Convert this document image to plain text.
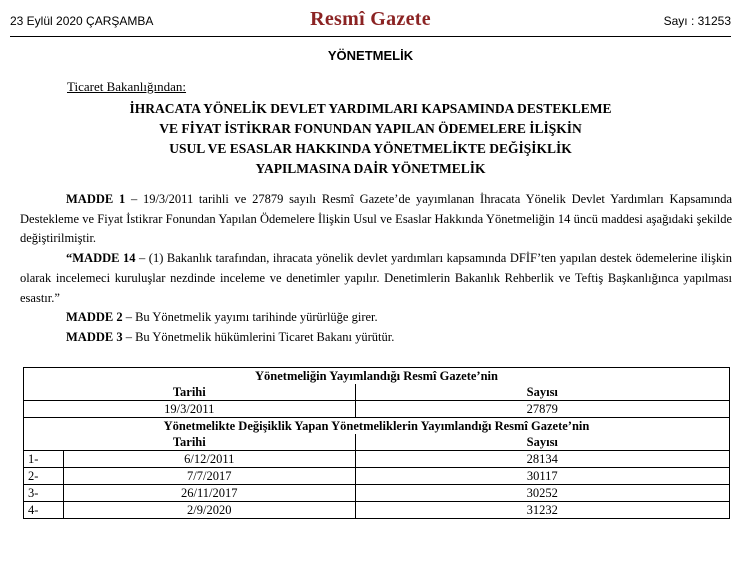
23 Eylül 2020 ÇARŞAMBA	Resmî Gazete	Sayı : 31253
YÖNETMELİK
Ticaret Bakanlığından:
İHRACATA YÖNELİK DEVLET YARDIMLARI KAPSAMINDA DESTEKLEME
VE FİYAT İSTİKRAR FONUNDAN YAPILAN ÖDEMELERE İLİŞKİN
USUL VE ESASLAR HAKKINDA YÖNETMELİKTE DEĞİŞİKLİK
YAPILMASINA DAİR YÖNETMELİK

MADDE 1 – 19/3/2011 tarihli ve 27879 sayılı Resmî Gazete’de yayımlanan İhracata Yönelik Devlet Yardımları Kapsamında Destekleme ve Fiyat İstikrar Fonundan Yapılan Ödemelere İlişkin Usul ve Esaslar Hakkında Yönetmeliğin 14 üncü maddesi aşağıdaki şekilde değiştirilmiştir.

“MADDE 14 – (1) Bakanlık tarafından, ihracata yönelik devlet yardımları kapsamında DFİF’ten yapılan destek ödemelerine ilişkin olarak incelemeci kuruluşlar nezdinde inceleme ve denetimler yapılır. Denetimlerin Bakanlık Rehberlik ve Teftiş Başkanlığınca yapılması esastır.”

MADDE 2 – Bu Yönetmelik yayımı tarihinde yürürlüğe girer.

MADDE 3 – Bu Yönetmelik hükümlerini Ticaret Bakanı yürütür.

Yönetmeliğin Yayımlandığı Resmî Gazete’nin		
Tarihi		Sayısı
19/3/2011		27879
Yönetmelikte Değişiklik Yapan Yönetmeliklerin Yayımlandığı Resmî Gazete’nin		
Tarihi		Sayısı
1-	6/12/2011	28134
2-	7/7/2017	30117
3-	26/11/2017	30252
4-	2/9/2020	31232
